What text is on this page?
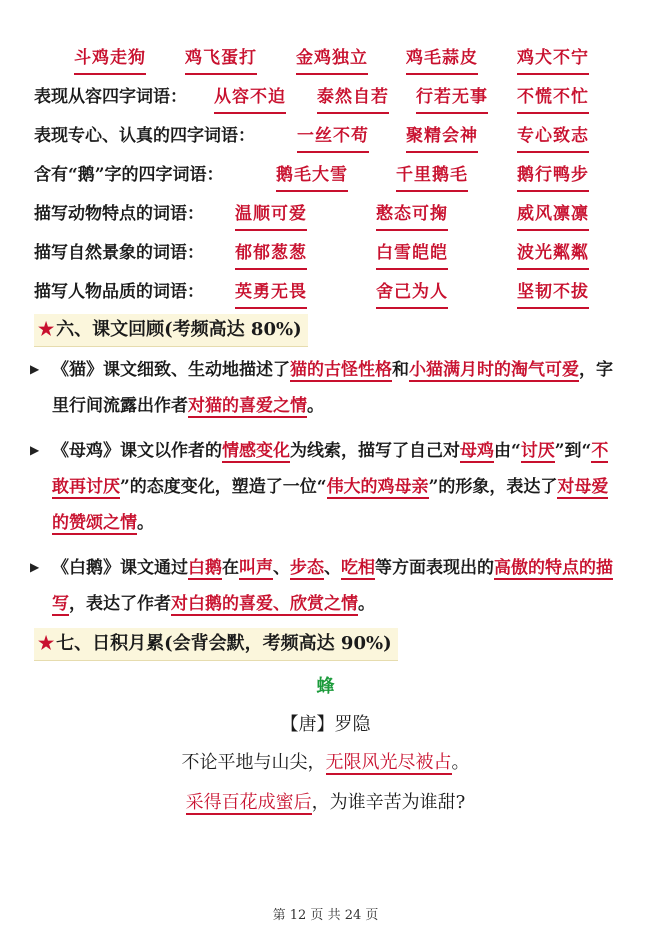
斗鸡走狗 鸡飞蛋打 金鸡独立 鸡毛蒜皮 鸡犬不宁
表现从容四字词语： 从容不迫 泰然自若 行若无事 不慌不忙
表现专心、认真的四字词语： 一丝不苟 聚精会神 专心致志
含有“鹅”字的四字词语：	鹅毛大雪	千里鹅毛	鹅行鸭步
描写动物特点的词语： 温顺可爱	憨态可掬	威风凛凛
描写自然景象的词语： 郁郁葱葱	白雪皑皑	波光粼粼
描写人物品质的词语： 英勇无畏	舍己为人	坚韧不拔
★ 六、课文回顾(考频高达 80%)
▶ 《猫》课文细致、生动地描述了猫的古怪性格和小猫满月时的淘气可爱，字里行间流露出作者对猫的喜爱之情。
▶ 《母鸡》课文以作者的情感变化为线索，描写了自己对母鸡由“讨厌”到“不敢再讨厌”的态度变化，塑造了一位“伟大的鸡母亲”的形象，表达了对母爱的赞颂之情。
▶ 《白鹅》课文通过白鹅在叫声、步态、吃相等方面表现出的高傲的特点的描写，表达了作者对白鹅的喜爱、欣赏之情。
★ 七、日积月累(会背会默，考频高达 90%)
蜂
【唐】罗隐
不论平地与山尖，无限风光尽被占。
采得百花成蜜后，为谁辛苦为谁甜?
第 12 页 共 24 页
